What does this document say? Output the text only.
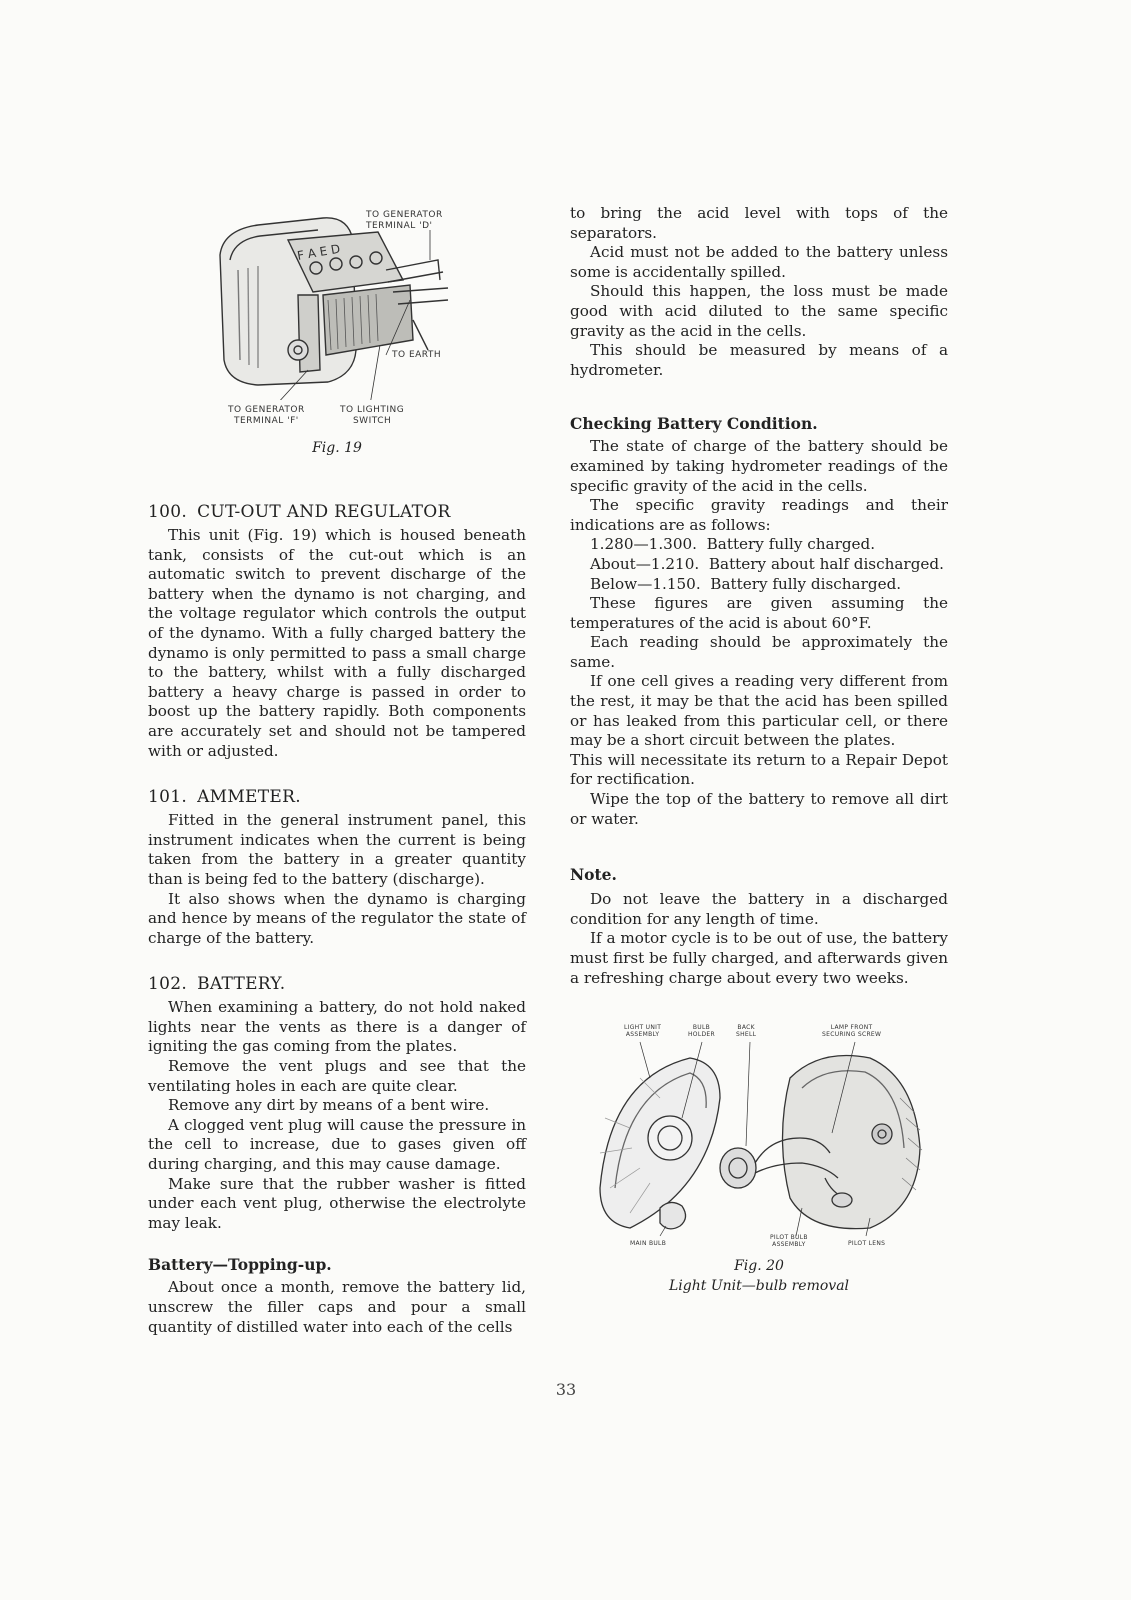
F A E D
TO GENERATOR
TERMINAL 'D'
TO EARTH
TO GENERATOR
TERMINAL 'F'
TO LIGHTING
SWITCH
Fig. 19
100. CUT-OUT AND REGULATOR

This unit (Fig. 19) which is housed beneath tank, consists of the cut-out which is an automatic switch to prevent discharge of the battery when the dynamo is not charging, and the voltage regulator which controls the output of the dynamo. With a fully charged battery the dynamo is only permitted to pass a small charge to the battery, whilst with a fully discharged battery a heavy charge is passed in order to boost up the battery rapidly. Both components are accurately set and should not be tampered with or adjusted.

101. AMMETER.

Fitted in the general instrument panel, this instrument indicates when the current is being taken from the battery in a greater quantity than is being fed to the battery (discharge).

It also shows when the dynamo is charging and hence by means of the regulator the state of charge of the battery.

102. BATTERY.

When examining a battery, do not hold naked lights near the vents as there is a danger of igniting the gas coming from the plates.

Remove the vent plugs and see that the ventilating holes in each are quite clear.

Remove any dirt by means of a bent wire.

A clogged vent plug will cause the pressure in the cell to increase, due to gases given off during charging, and this may cause damage.

Make sure that the rubber washer is fitted under each vent plug, otherwise the electrolyte may leak.

Battery—Topping-up.

About once a month, remove the battery lid, unscrew the filler caps and pour a small quantity of distilled water into each of the cells

to bring the acid level with tops of the separators.

Acid must not be added to the battery unless some is accidentally spilled.

Should this happen, the loss must be made good with acid diluted to the same specific gravity as the acid in the cells.

This should be measured by means of a hydrometer.

Checking Battery Condition.

The state of charge of the battery should be examined by taking hydrometer readings of the specific gravity of the acid in the cells.

The specific gravity readings and their indications are as follows:

1.280—1.300.  Battery fully charged.

About—1.210.  Battery about half discharged.

Below—1.150.  Battery fully discharged.

These figures are given assuming the temperatures of the acid is about 60°F.

Each reading should be approximately the same.

If one cell gives a reading very different from the rest, it may be that the acid has been spilled or has leaked from this particular cell, or there may be a short circuit between the plates.

This will necessitate its return to a Repair Depot for rectification.

Wipe the top of the battery to remove all dirt or water.

Note.

Do not leave the battery in a discharged condition for any length of time.

If a motor cycle is to be out of use, the battery must first be fully charged, and afterwards given a refreshing charge about every two weeks.

LIGHT UNIT
ASSEMBLY
BULB
HOLDER
BACK
SHELL
LAMP FRONT
SECURING SCREW
MAIN BULB
PILOT BULB
ASSEMBLY	PILOT LENS
Fig. 20
Light Unit—bulb removal
33
